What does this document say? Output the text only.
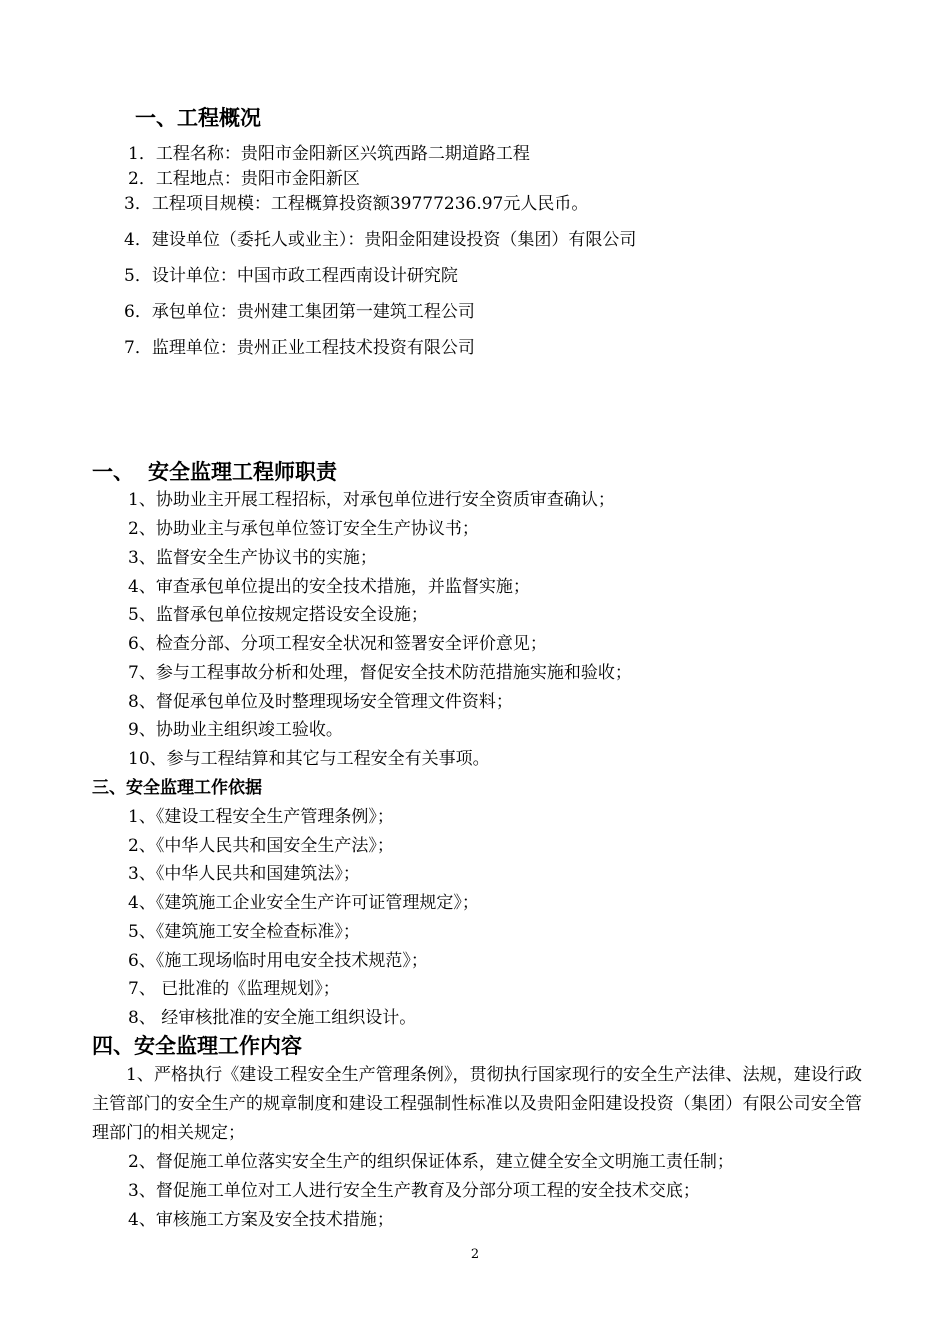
一、工程概况
1．工程名称：贵阳市金阳新区兴筑西路二期道路工程
2．工程地点：贵阳市金阳新区
3．工程项目规模：工程概算投资额39777236.97元人民币。
4．建设单位（委托人或业主）：贵阳金阳建设投资（集团）有限公司
5．设计单位：中国市政工程西南设计研究院
6．承包单位：贵州建工集团第一建筑工程公司
7．监理单位：贵州正业工程技术投资有限公司
一、 安全监理工程师职责
1、协助业主开展工程招标，对承包单位进行安全资质审查确认；
2、协助业主与承包单位签订安全生产协议书；
3、监督安全生产协议书的实施；
4、审查承包单位提出的安全技术措施，并监督实施；
5、监督承包单位按规定搭设安全设施；
6、检查分部、分项工程安全状况和签署安全评价意见；
7、参与工程事故分析和处理，督促安全技术防范措施实施和验收；
8、督促承包单位及时整理现场安全管理文件资料；
9、协助业主组织竣工验收。
10、参与工程结算和其它与工程安全有关事项。
三、安全监理工作依据
1、《建设工程安全生产管理条例》；
2、《中华人民共和国安全生产法》；
3、《中华人民共和国建筑法》；
4、《建筑施工企业安全生产许可证管理规定》；
5、《建筑施工安全检查标准》；
6、《施工现场临时用电安全技术规范》；
7、 已批准的《监理规划》；
8、 经审核批准的安全施工组织设计。
四、安全监理工作内容
1、严格执行《建设工程安全生产管理条例》，贯彻执行国家现行的安全生产法律、法规，建设行政主管部门的安全生产的规章制度和建设工程强制性标准以及贵阳金阳建设投资（集团）有限公司安全管理部门的相关规定；
2、督促施工单位落实安全生产的组织保证体系，建立健全安全文明施工责任制；
3、督促施工单位对工人进行安全生产教育及分部分项工程的安全技术交底；
4、审核施工方案及安全技术措施；
2
